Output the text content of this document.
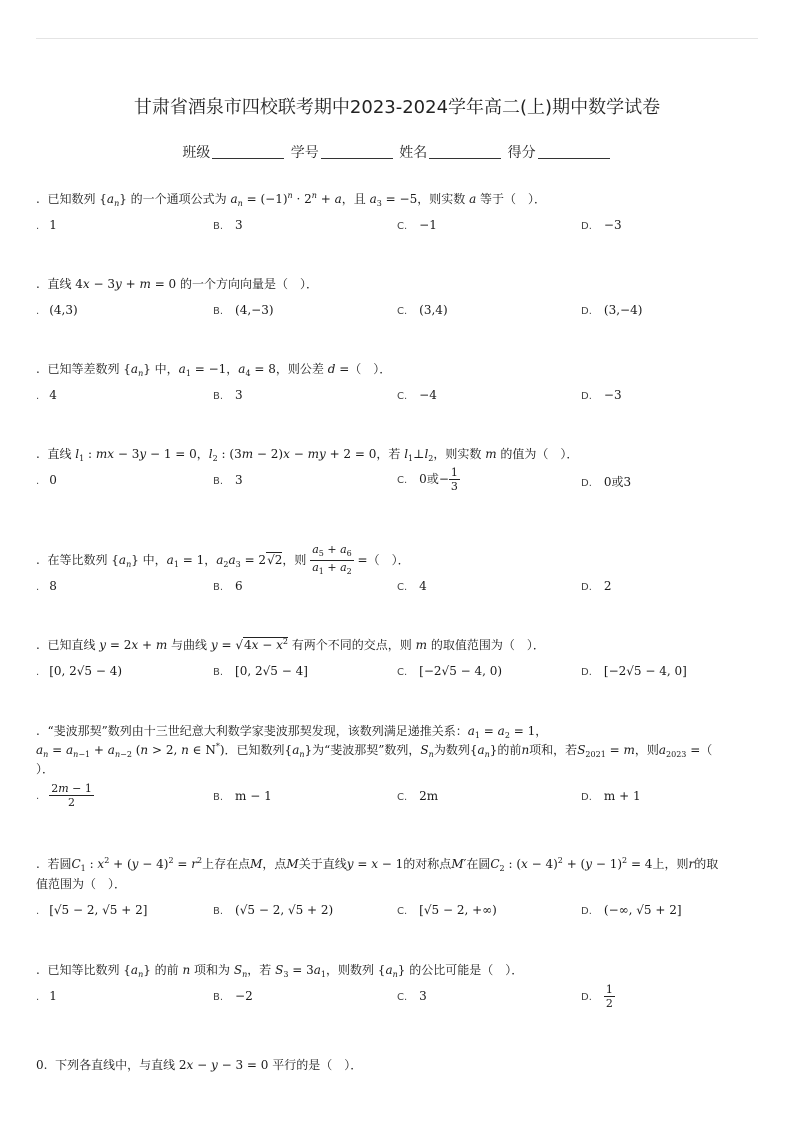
甘肃省酒泉市四校联考期中2023-2024学年高二(上)期中数学试卷
班级	学号	姓名	得分
.  已知数列 $\{a_n\}$ 的一个通项公式为 $a_n = (-1)^n \cdot 2^n + a$，且 $a_3 = -5$，则实数 a 等于（　）．
. 1	B. 3	C. −1	D. −3
.  直线 4x − 3y + m = 0 的一个方向向量是（　）．
. (4,3)	B. (4,−3)	C. (3,4)	D. (3,−4)
.  已知等差数列 $\{a_n\}$ 中，$a_1 = -1$，$a_4 = 8$，则公差 d =（　）．
. 4	B. 3	C. −4	D. −3
.  直线 $l_1$ : mx − 3y − 1 = 0，$l_2$ : (3m − 2)x − my + 2 = 0，若 $l_1\perp l_2$，则实数 m 的值为（　）．
. 0	B. 3	C. 0或− $\frac{1}{3}$	D. 0或3
.  在等比数列 $\{a_n\}$ 中，$a_1 = 1$，$a_2a_3 = 2√2$，则 $\frac{a_5 + a_6}{a_1 + a_2}$ =（　）．
. 8	B. 6	C. 4	D. 2
.  已知直线 y = 2x + m 与曲线 $y = √4x - x^2$ 有两个不同的交点，则 m 的取值范围为（　）．
. [0, 2√5 − 4)	B. [0, 2√5 − 4]	C. [−2√5 − 4, 0)	D. [−2√5 − 4, 0]
.  “斐波那契”数列由十三世纪意大利数学家斐波那契发现，该数列满足递推关系：$a_1 = a_2 = 1$，
$a_n = a_{n-1} + a_{n-2}$ (n > 2, n ∈ N*)．已知数列$\{a_n\}$为“斐波那契”数列，$S_n$为数列$\{a_n\}$的前n项和，若$S_{2021} = m$，则$a_{2023}$ =（
）．
. $\frac{2m - 1}{2}$	B. m − 1	C. 2m	D. m + 1
.  若圆$C_1$ : $x^2 + (y - 4)^2 = r^2$上存在点M，点M关于直线y = x − 1的对称点M′在圆$C_2$ : $(x - 4)^2 + (y - 1)^2 = 4$上，则r的取
值范围为（　）．
. [√5 − 2, √5 + 2]	B. (√5 − 2, √5 + 2)	C. [√5 − 2, +∞)	D. (−∞, √5 + 2]
.  已知等比数列 $\{a_n\}$ 的前 n 项和为 $S_n$，若 $S_3 = 3a_1$，则数列 $\{a_n\}$ 的公比可能是（　）．
. 1	B. −2	C. 3	D. $\frac{1}{2}$
0.  下列各直线中，与直线 2x − y − 3 = 0 平行的是（　）．
